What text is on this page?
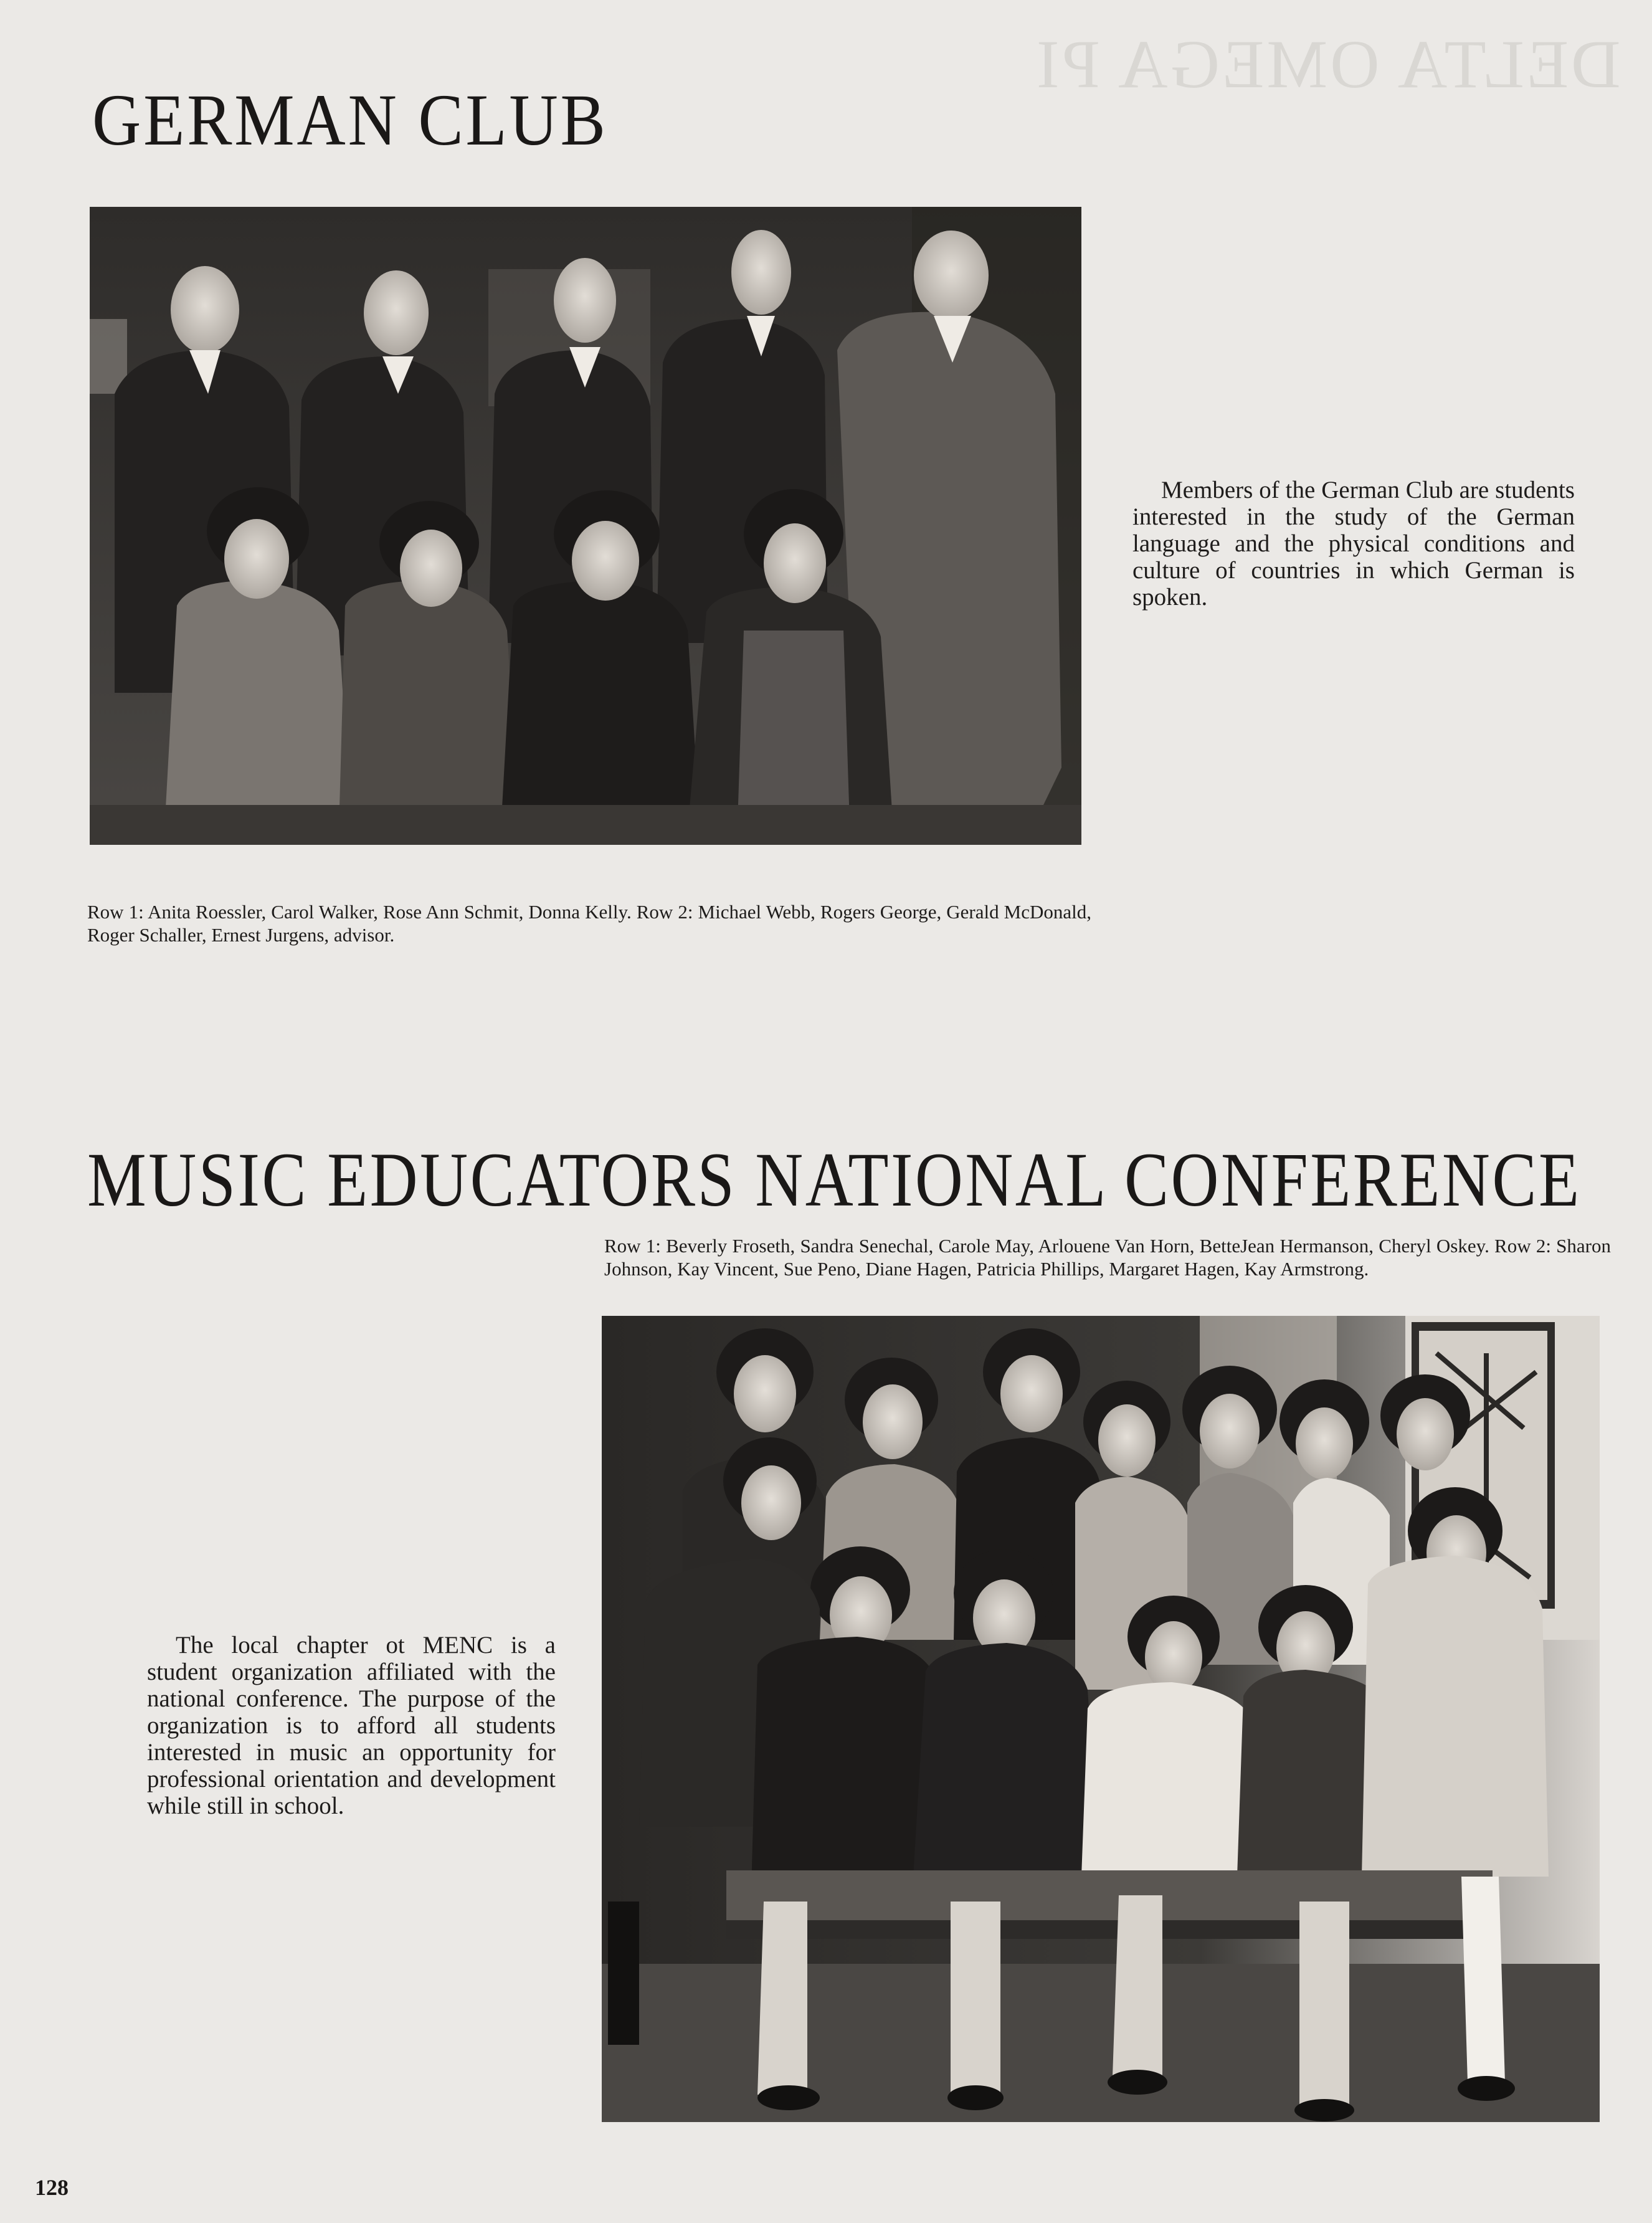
DELTA OMEGA PI
GERMAN CLUB

Members of the German Club are students interested in the study of the German language and the physical conditions and culture of countries in which German is spoken.

Row 1: Anita Roessler, Carol Walker, Rose Ann Schmit, Donna Kelly. Row 2: Michael Webb, Rogers George, Gerald McDonald, Roger Schaller, Ernest Jurgens, advisor.

MUSIC EDUCATORS NATIONAL CONFERENCE

Row 1: Beverly Froseth, Sandra Senechal, Carole May, Arlouene Van Horn, BetteJean Hermanson, Cheryl Oskey. Row 2: Sharon Johnson, Kay Vincent, Sue Peno, Diane Hagen, Patricia Phillips, Margaret Hagen, Kay Armstrong.

The local chapter ot MENC is a student organization affiliated with the national conference. The purpose of the organization is to afford all students interested in music an opportunity for professional orientation and development while still in school.

128
